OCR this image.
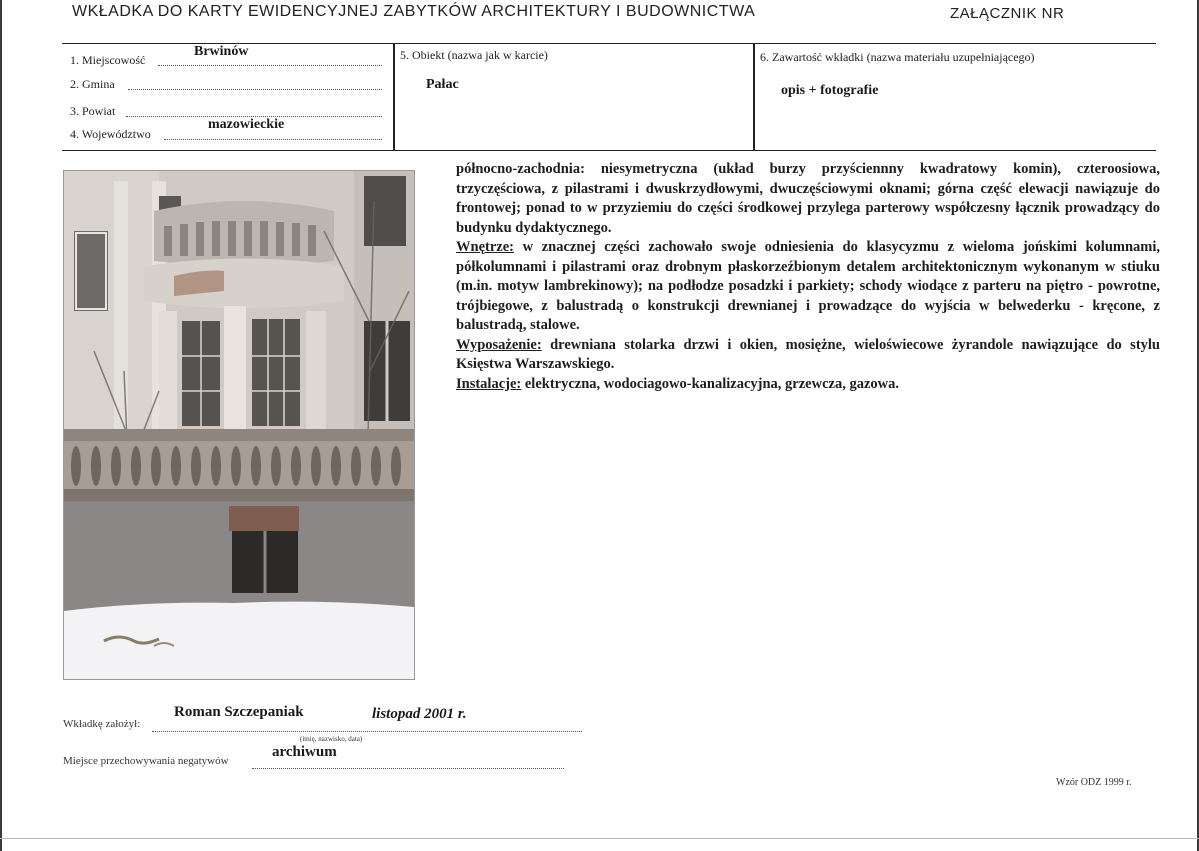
WKŁADKA DO KARTY EWIDENCYJNEJ ZABYTKÓW ARCHITEKTURY I BUDOWNICTWA	ZAŁĄCZNIK NR
1. Miejscowość
Brwinów
2. Gmina
3. Powiat
4. Województwo
mazowieckie
5. Obiekt (nazwa jak w karcie)
Pałac
6. Zawartość wkładki (nazwa materiału uzupełniającego)
opis + fotografie

północno-zachodnia: niesymetryczna (układ burzy przyściennny kwadratowy komin), czteroosiowa, trzyczęściowa, z pilastrami i dwuskrzydłowymi, dwuczęściowymi oknami; górna część elewacji nawiązuje do frontowej; ponad to w przyziemiu do części środkowej przylega parterowy współczesny łącznik prowadzący do budynku dydaktycznego.

Wnętrze: w znacznej części zachowało swoje odniesienia do klasycyzmu z wieloma jońskimi kolumnami, półkolumnami i pilastrami oraz drobnym płaskorzeźbionym detalem architektonicznym wykonanym w stiuku (m.in. motyw lambrekinowy); na podłodze posadzki i parkiety; schody wiodące z parteru na piętro - powrotne, trójbiegowe, z balustradą o konstrukcji drewnianej i prowadzące do wyjścia w belwederku - kręcone, z balustradą, stalowe.

Wyposażenie: drewniana stolarka drzwi i okien, mosiężne, wieloświecowe żyrandole nawiązujące do stylu Księstwa Warszawskiego.

Instalacje: elektryczna, wodociagowo-kanalizacyjna, grzewcza, gazowa.

Wkładkę założył:
Roman Szczepaniak	listopad 2001 r.
(imię, nazwisko, data)
Miejsce przechowywania negatywów
archiwum
Wzór ODZ 1999 r.
